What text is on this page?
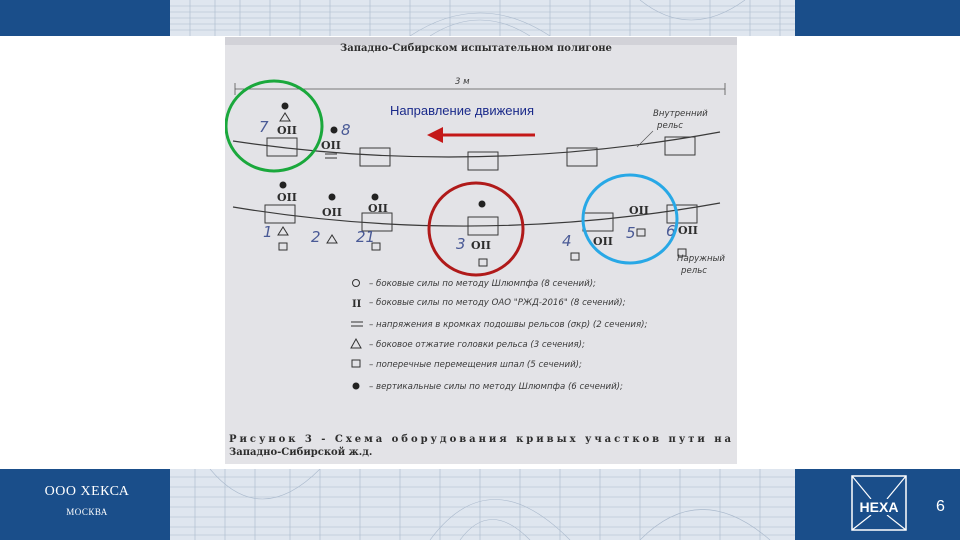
Западно-Сибирском испытательном полигоне
3 м
Направление движения	Внутренний
рельс
ОII
ОII
7	8
Наружный
рельс
ОII
ОII ОII
ОII	ОII
ОII
ОII
1	2 21	3	4	5 6
– боковые силы по методу Шлюмпфа (8 сечений);
II – боковые силы по методу ОАО "РЖД-2016" (8 сечений);
– напряжения в кромках подошвы рельсов (σкр) (2 сечения);
– боковое отжатие головки рельса (3 сечения);
– поперечные перемещения шпал (5 сечений);
– вертикальные силы по методу Шлюмпфа (6 сечений);
Рисунок 3 - Схема оборудования кривых участков пути на
Западно-Сибирской ж.д.
ООО ХЕКСА
МОСКВА	HEXA 6
